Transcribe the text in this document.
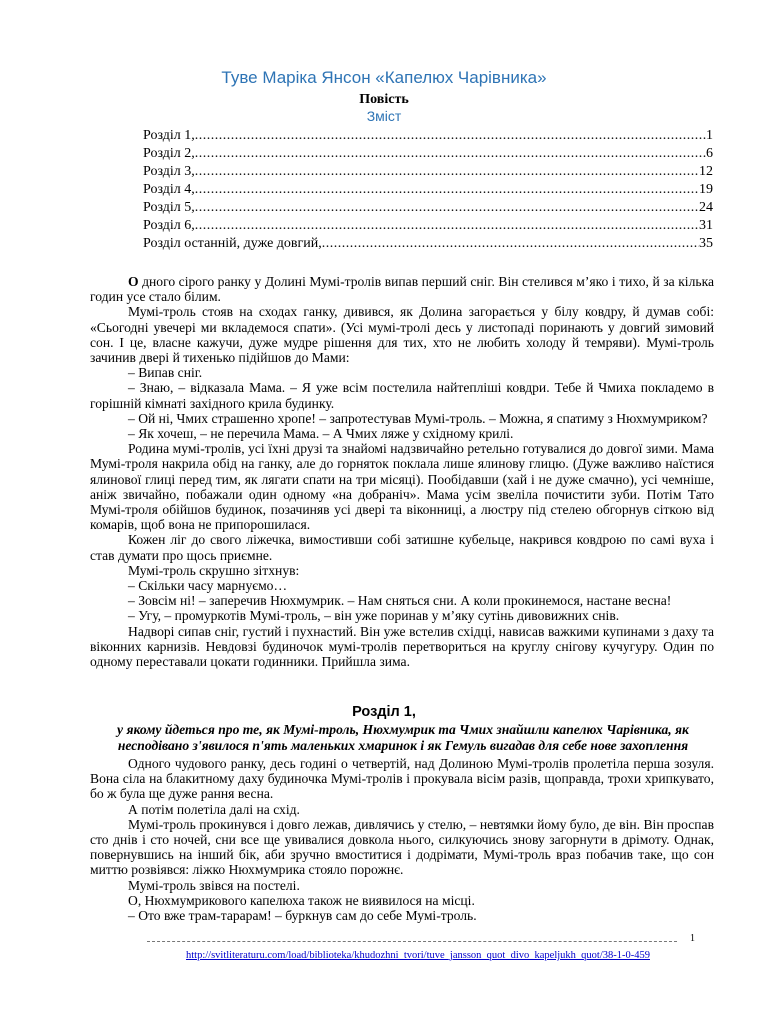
Туве Маріка Янсон «Капелюх Чарівника»
Повість
Зміст
Розділ 1, .....	1
Розділ 2, .....	6
Розділ 3, .....	12
Розділ 4, .....	19
Розділ 5, .....	24
Розділ 6, .....	31
Розділ останній, дуже довгий, .....	35

О дного сірого ранку у Долині Мумі-тролів випав перший сніг. Він стелився м’яко і тихо, й за кілька годин усе стало білим.

Мумі-троль стояв на сходах ганку, дивився, як Долина загорається у білу ковдру, й думав собі: «Сьогодні увечері ми вкладемося спати». (Усі мумі-тролі десь у листопаді поринають у довгий зимовий сон. І це, власне кажучи, дуже мудре рішення для тих, хто не любить холоду й темряви). Мумі-троль зачинив двері й тихенько підійшов до Мами:

– Випав сніг.

– Знаю, – відказала Мама. – Я уже всім постелила найтепліші ковдри. Тебе й Чмиха покладемо в горішній кімнаті західного крила будинку.

– Ой ні, Чмих страшенно хропе! – запротестував Мумі-троль. – Можна, я спатиму з Нюхмумриком?

– Як хочеш, – не перечила Мама. – А Чмих ляже у східному крилі.

Родина мумі-тролів, усі їхні друзі та знайомі надзвичайно ретельно готувалися до довгої зими. Мама Мумі-троля накрила обід на ганку, але до горняток поклала лише ялинову глицю. (Дуже важливо наїстися ялинової глиці перед тим, як лягати спати на три місяці). Пообідавши (хай і не дуже смачно), усі чемніше, аніж звичайно, побажали один одному «на добраніч». Мама усім звеліла почистити зуби. Потім Тато Мумі-троля обійшов будинок, позачиняв усі двері та віконниці, а люстру під стелею обгорнув сіткою від комарів, щоб вона не припорошилася.

Кожен ліг до свого ліжечка, вимостивши собі затишне кубельце, накрився ковдрою по самі вуха і став думати про щось приємне.

Мумі-троль скрушно зітхнув:

– Скільки часу марнуємо…

– Зовсім ні! – заперечив Нюхмумрик. – Нам сняться сни. А коли прокинемося, настане весна!

– Угу, – промуркотів Мумі-троль, – він уже поринав у м’яку сутінь дивовижних снів.

Надворі сипав сніг, густий і пухнастий. Він уже встелив східці, нависав важкими купинами з даху та віконних карнизів. Невдовзі будиночок мумі-тролів перетвориться на круглу снігову кучугуру. Один по одному переставали цокати годинники. Прийшла зима.

Розділ 1,
у якому йдеться про те, як Мумі-троль, Нюхмумрик та Чмих знайшли капелюх Чарівника, як несподівано з'явилося п'ять маленьких хмаринок і як Гемуль вигадав для себе нове захоплення

Одного чудового ранку, десь годині о четвертій, над Долиною Мумі-тролів пролетіла перша зозуля. Вона сіла на блакитному даху будиночка Мумі-тролів і прокувала вісім разів, щоправда, трохи хрипкувато, бо ж була ще дуже рання весна.

А потім полетіла далі на схід.

Мумі-троль прокинувся і довго лежав, дивлячись у стелю, – невтямки йому було, де він. Він проспав сто днів і сто ночей, сни все ще увивалися довкола нього, силкуючись знову загорнути в дрімоту. Однак, повернувшись на інший бік, аби зручно вмоститися і додрімати, Мумі-троль враз побачив таке, що сон миттю розвіявся: ліжко Нюхмумрика стояло порожнє.

Мумі-троль звівся на постелі.

О, Нюхмумрикового капелюха також не виявилося на місці.

– Ото вже трам-тарарам! – буркнув сам до себе Мумі-троль.

1
http://svitliteraturu.com/load/biblioteka/khudozhni_tvori/tuve_jansson_quot_divo_kapeljukh_quot/38-1-0-459
